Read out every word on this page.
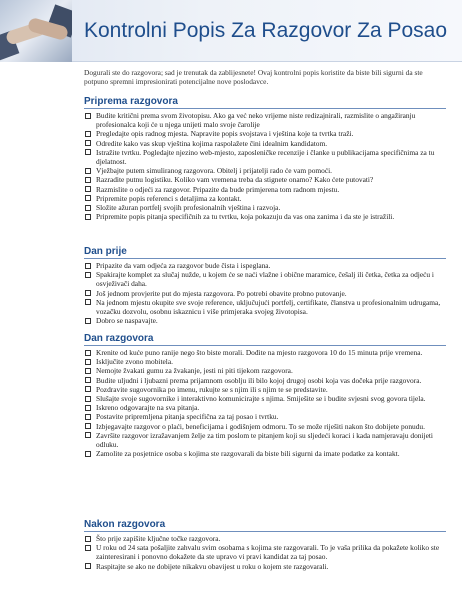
Kontrolni Popis Za Razgovor Za Posao

Dogurali ste do razgovora; sad je trenutak da zablijesnete! Ovaj kontrolni popis koristite da biste bili sigurni da ste potpuno spremni impresionirati potencijalne nove poslodavce.

Priprema razgovora
Budite kritični prema svom životopisu. Ako ga već neko vrijeme niste redizajnirali, razmislite o angažiranju profesionalca koji će u njega unijeti malo svoje čarolije
Pregledajte opis radnog mjesta. Napravite popis svojstava i vještina koje ta tvrtka traži.
Odredite kako vas skup vještina kojima raspolažete čini idealnim kandidatom.
Istražite tvrtku. Pogledajte njezino web-mjesto, zaposleničke recenzije i članke u publikacijama specifičnima za tu djelatnost.
Vježbajte putem simuliranog razgovora. Obitelj i prijatelji rado će vam pomoći.
Razradite putnu logistiku. Koliko vam vremena treba da stignete onamo? Kako ćete putovati?
Razmislite o odjeći za razgovor. Pripazite da bude primjerena tom radnom mjestu.
Pripremite popis referenci s detaljima za kontakt.
Složite ažuran portfelj svojih profesionalnih vještina i razvoja.
Pripremite popis pitanja specifičnih za tu tvrtku, koja pokazuju da vas ona zanima i da ste je istražili.
Dan prije
Pripazite da vam odjeća za razgovor bude čista i ispeglana.
Spakirajte komplet za slučaj nužde, u kojem će se naći vlažne i obične maramice, češalj ili četka, četka za odjeću i osvježivači daha.
Još jednom provjerite put do mjesta razgovora. Po potrebi obavite probno putovanje.
Na jednom mjestu okupite sve svoje reference, uključujući portfelj, certifikate, članstva u profesionalnim udrugama, vozačku dozvolu, osobnu iskaznicu i više primjeraka svojeg životopisa.
Dobro se naspavajte.
Dan razgovora
Krenite od kuće puno ranije nego što biste morali. Dođite na mjesto razgovora 10 do 15 minuta prije vremena.
Isključite zvono mobitela.
Nemojte žvakati gumu za žvakanje, jesti ni piti tijekom razgovora.
Budite uljudni i ljubazni prema prijamnom osoblju ili bilo kojoj drugoj osobi koja vas dočeka prije razgovora.
Pozdravite sugovornika po imenu, rukujte se s njim ili s njim te se predstavite.
Slušajte svoje sugovornike i interaktivno komunicirajte s njima. Smiješite se i budite svjesni svog govora tijela.
Iskreno odgovarajte na sva pitanja.
Postavite pripremljena pitanja specifična za taj posao i tvrtku.
Izbjegavajte razgovor o plaći, beneficijama i godišnjem odmoru. To se može riješiti nakon što dobijete ponudu.
Završite razgovor izražavanjem želje za tim poslom te pitanjem koji su sljedeći koraci i kada namjeravaju donijeti odluku.
Zamolite za posjetnice osoba s kojima ste razgovarali da biste bili sigurni da imate podatke za kontakt.
Nakon razgovora
Što prije zapišite ključne točke razgovora.
U roku od 24 sata pošaljite zahvalu svim osobama s kojima ste razgovarali. To je vaša prilika da pokažete koliko ste zainteresirani i ponovno dokažete da ste upravo vi pravi kandidat za taj posao.
Raspitajte se ako ne dobijete nikakvu obavijest u roku o kojem ste razgovarali.
